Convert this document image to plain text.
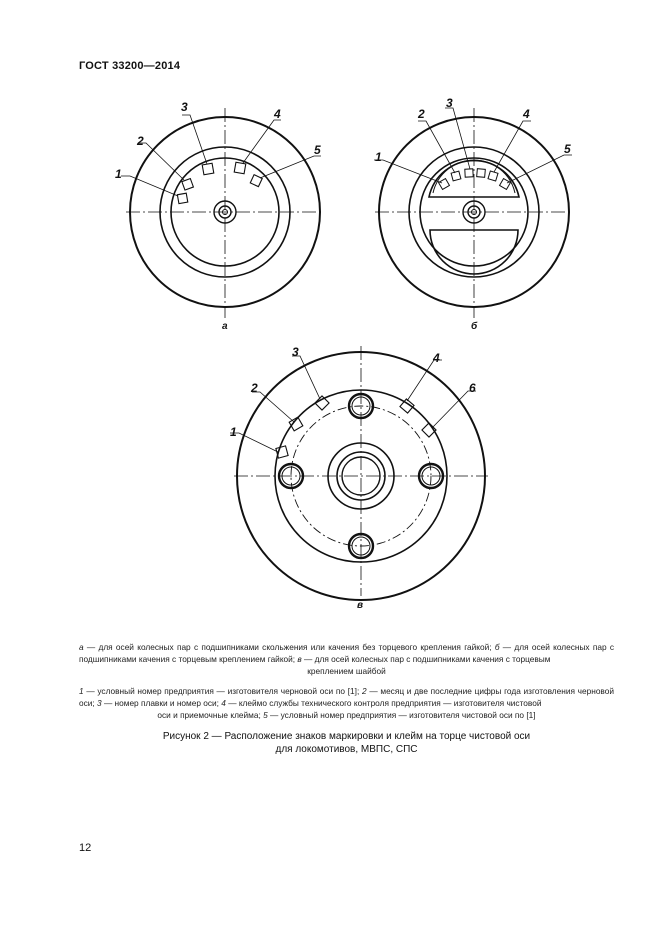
ГОСТ 33200—2014
1
2
3	4
5
а
1
2
3
4
5
б
1
2
3	4
6
в
а — для осей колесных пар с подшипниками скольжения или качения без торцевого крепления гайкой; б — для осей колесных пар с подшипниками качения с торцевым креплением гайкой; в — для осей колесных пар с подшипниками качения с торцевым
креплением шайбой
1 — условный номер предприятия — изготовителя черновой оси по [1]; 2 — месяц и две последние цифры года изготовления черновой оси; 3 — номер плавки и номер оси; 4 — клеймо службы технического контроля предприятия — изготовителя чистовой
оси и приемочные клейма; 5 — условный номер предприятия — изготовителя чистовой оси по [1]
Рисунок 2 — Расположение знаков маркировки и клейм на торце чистовой оси
для локомотивов, МВПС, СПС
12
